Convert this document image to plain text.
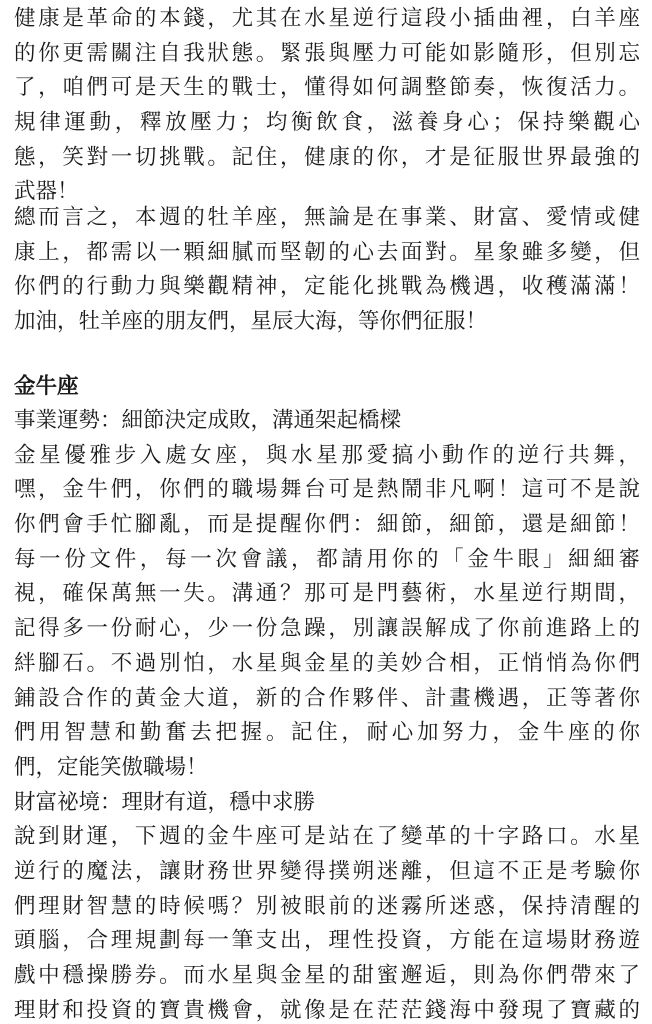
健康是革命的本錢，尤其在水星逆行這段小插曲裡，白羊座
的你更需關注自我狀態。緊張與壓力可能如影隨形，但別忘
了，咱們可是天生的戰士，懂得如何調整節奏，恢復活力。
規律運動，釋放壓力；均衡飲食，滋養身心；保持樂觀心
態，笑對一切挑戰。記住，健康的你，才是征服世界最強的
武器！
總而言之，本週的牡羊座，無論是在事業、財富、愛情或健
康上，都需以一顆細膩而堅韌的心去面對。星象雖多變，但
你們的行動力與樂觀精神，定能化挑戰為機遇，收穫滿滿！
加油，牡羊座的朋友們，星辰大海，等你們征服！
金牛座
事業運勢：細節決定成敗，溝通架起橋樑
金星優雅步入處女座，與水星那愛搞小動作的逆行共舞，
嘿，金牛們，你們的職場舞台可是熱鬧非凡啊！這可不是說
你們會手忙腳亂，而是提醒你們：細節，細節，還是細節！
每一份文件，每一次會議，都請用你的「金牛眼」細細審
視，確保萬無一失。溝通？那可是門藝術，水星逆行期間，
記得多一份耐心，少一份急躁，別讓誤解成了你前進路上的
絆腳石。不過別怕，水星與金星的美妙合相，正悄悄為你們
鋪設合作的黃金大道，新的合作夥伴、計畫機遇，正等著你
們用智慧和勤奮去把握。記住，耐心加努力，金牛座的你
們，定能笑傲職場！
財富祕境：理財有道，穩中求勝
說到財運，下週的金牛座可是站在了變革的十字路口。水星
逆行的魔法，讓財務世界變得撲朔迷離，但這不正是考驗你
們理財智慧的時候嗎？別被眼前的迷霧所迷惑，保持清醒的
頭腦，合理規劃每一筆支出，理性投資，方能在這場財務遊
戲中穩操勝券。而水星與金星的甜蜜邂逅，則為你們帶來了
理財和投資的寶貴機會，就像是在茫茫錢海中發現了寶藏的
